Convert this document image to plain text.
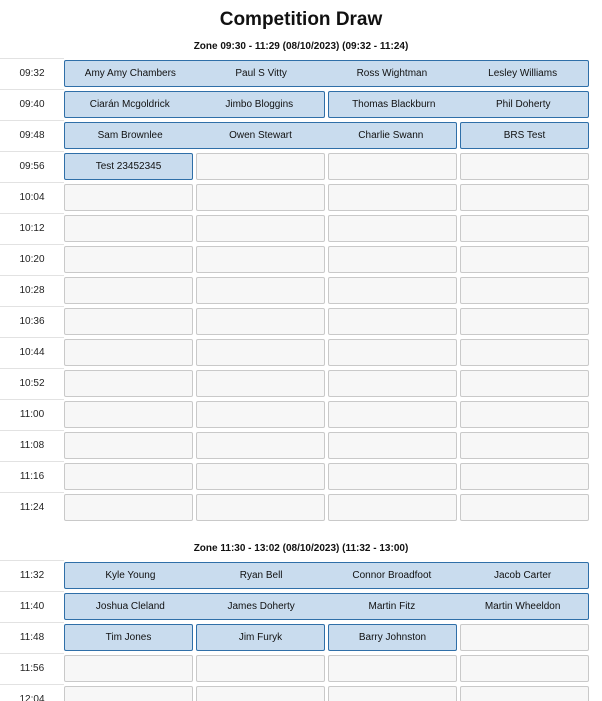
Competition Draw
Zone 09:30 - 11:29 (08/10/2023) (09:32 - 11:24)
09:32	Amy Amy Chambers	Paul S Vitty	Ross Wightman	Lesley Williams
09:40	Ciarán Mcgoldrick	Jimbo Bloggins	Thomas Blackburn	Phil Doherty
09:48	Sam Brownlee	Owen Stewart	Charlie Swann	BRS Test
09:56	Test 23452345
10:04
10:12
10:20
10:28
10:36
10:44
10:52
11:00
11:08
11:16
11:24
Zone 11:30 - 13:02 (08/10/2023) (11:32 - 13:00)
11:32	Kyle Young	Ryan Bell	Connor Broadfoot	Jacob Carter
11:40	Joshua Cleland	James Doherty	Martin Fitz	Martin Wheeldon
11:48	Tim Jones	Jim Furyk	Barry Johnston
11:56
12:04
